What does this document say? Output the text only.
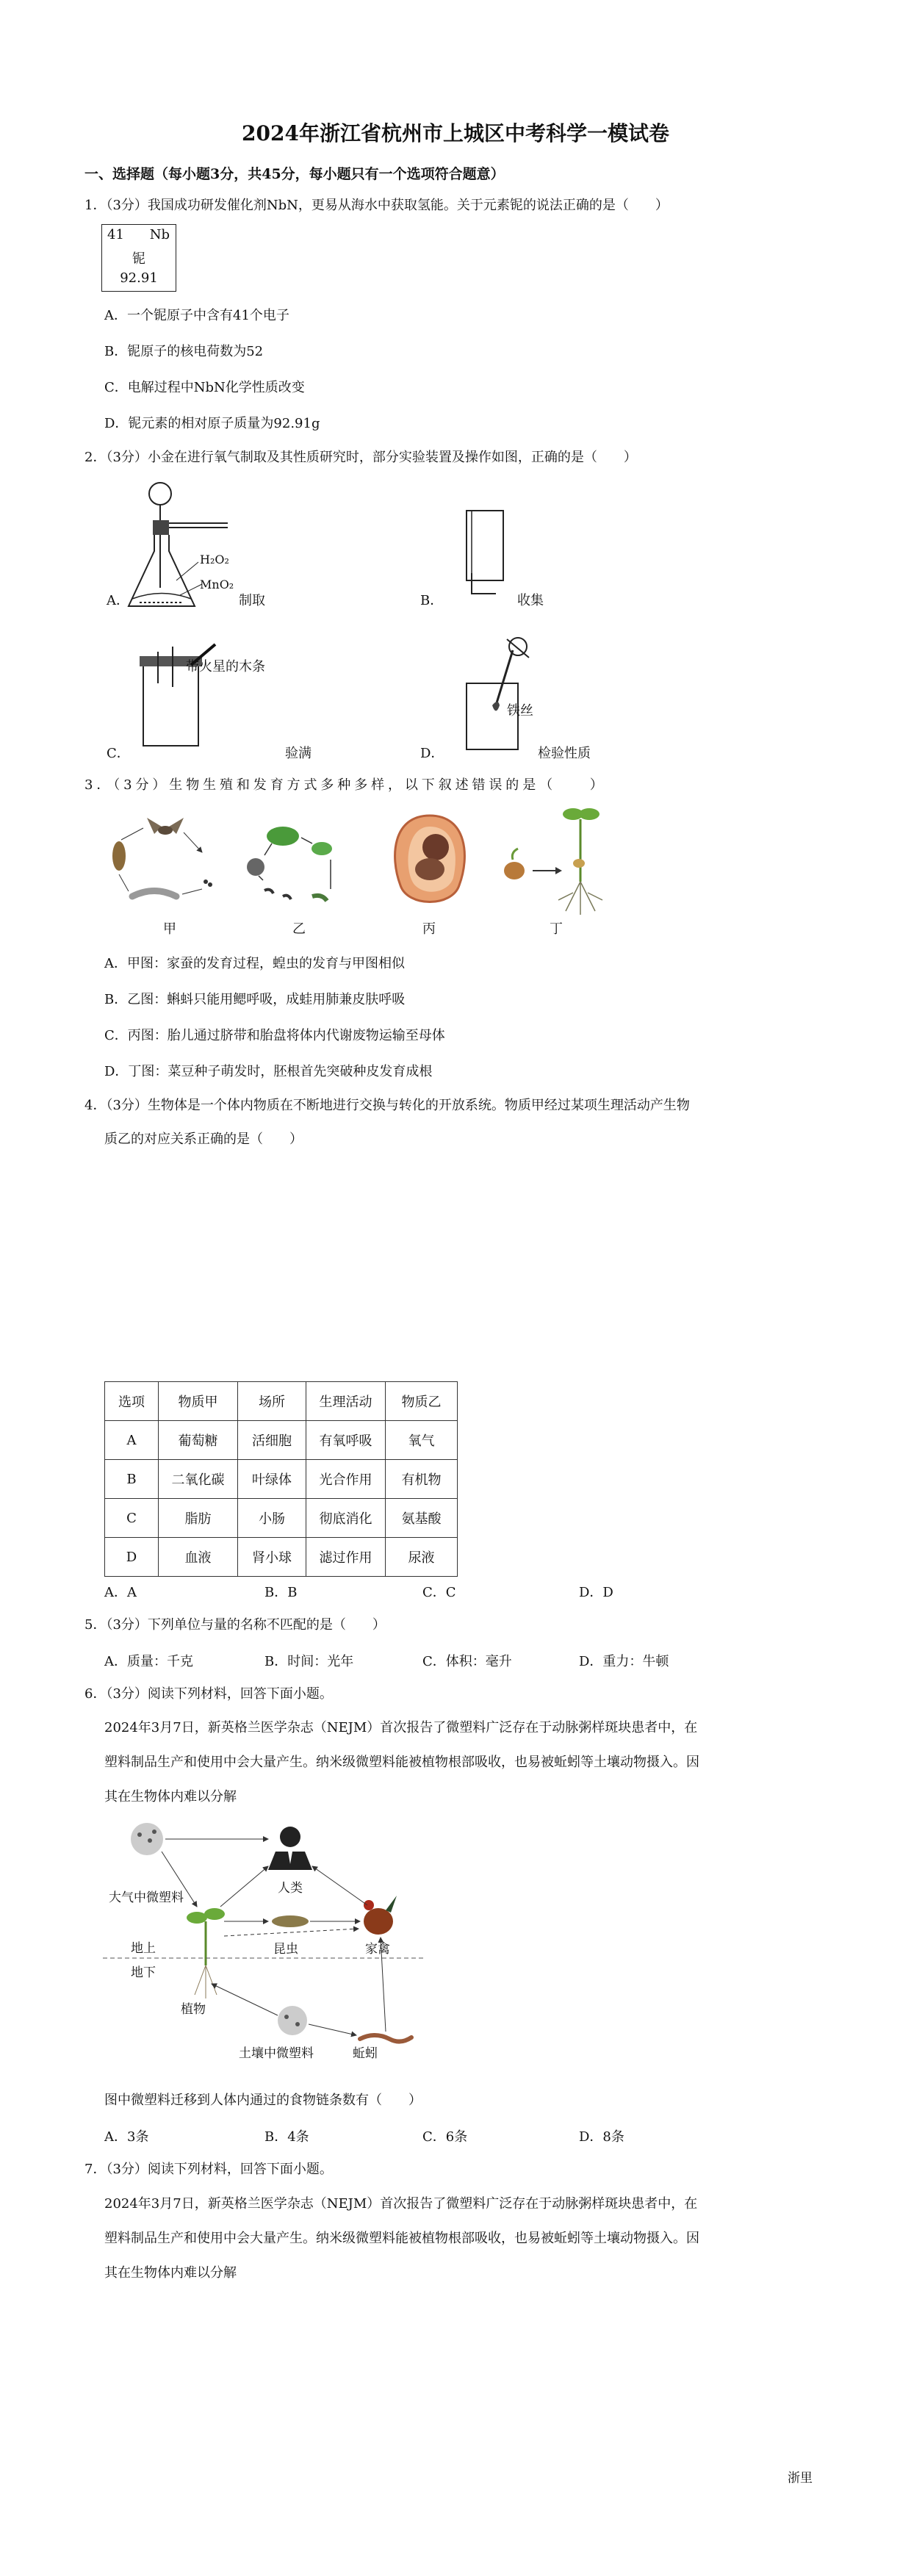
2024年浙江省杭州市上城区中考科学一模试卷
一、选择题（每小题3分，共45分，每小题只有一个选项符合题意）
1．（3分）我国成功研发催化剂NbN，更易从海水中获取氢能。关于元素铌的说法正确的是（　　）
41 Nb
铌
92.91
A．一个铌原子中含有41个电子
B．铌原子的核电荷数为52
C．电解过程中NbN化学性质改变
D．铌元素的相对原子质量为92.91g
2．（3分）小金在进行氧气制取及其性质研究时，部分实验装置及操作如图，正确的是（　　）
A．
H₂O₂
MnO₂
制取	B．	收集
带火星的木条
C．	验满
铁丝
D．	检验性质
3．（3分）生物生殖和发育方式多种多样，以下叙述错误的是（　　）
甲	乙	丙	丁
A．甲图：家蚕的发育过程，蝗虫的发育与甲图相似
B．乙图：蝌蚪只能用鳃呼吸，成蛙用肺兼皮肤呼吸
C．丙图：胎儿通过脐带和胎盘将体内代谢废物运输至母体
D．丁图：菜豆种子萌发时，胚根首先突破种皮发育成根
4．（3分）生物体是一个体内物质在不断地进行交换与转化的开放系统。物质甲经过某项生理活动产生物
质乙的对应关系正确的是（　　）
选项	物质甲	场所	生理活动	物质乙
A	葡萄糖	活细胞	有氧呼吸	氧气
B	二氧化碳	叶绿体	光合作用	有机物
C	脂肪	小肠	彻底消化	氨基酸
D	血液	肾小球	滤过作用	尿液
A．A	B．B	C．C	D．D
5．（3分）下列单位与量的名称不匹配的是（　　）
A．质量：千克	B．时间：光年	C．体积：毫升	D．重力：牛顿
6．（3分）阅读下列材料，回答下面小题。
2024年3月7日，新英格兰医学杂志（NEJM）首次报告了微塑料广泛存在于动脉粥样斑块患者中，在
塑料制品生产和使用中会大量产生。纳米级微塑料能被植物根部吸收，也易被蚯蚓等土壤动物摄入。因
其在生物体内难以分解
大气中微塑料
人类
昆虫	家禽
地上
地下
植物
土壤中微塑料	蚯蚓
图中微塑料迁移到人体内通过的食物链条数有（　　）
A．3条	B．4条	C．6条	D．8条
7．（3分）阅读下列材料，回答下面小题。
2024年3月7日，新英格兰医学杂志（NEJM）首次报告了微塑料广泛存在于动脉粥样斑块患者中，在
塑料制品生产和使用中会大量产生。纳米级微塑料能被植物根部吸收，也易被蚯蚓等土壤动物摄入。因
其在生物体内难以分解
浙里
